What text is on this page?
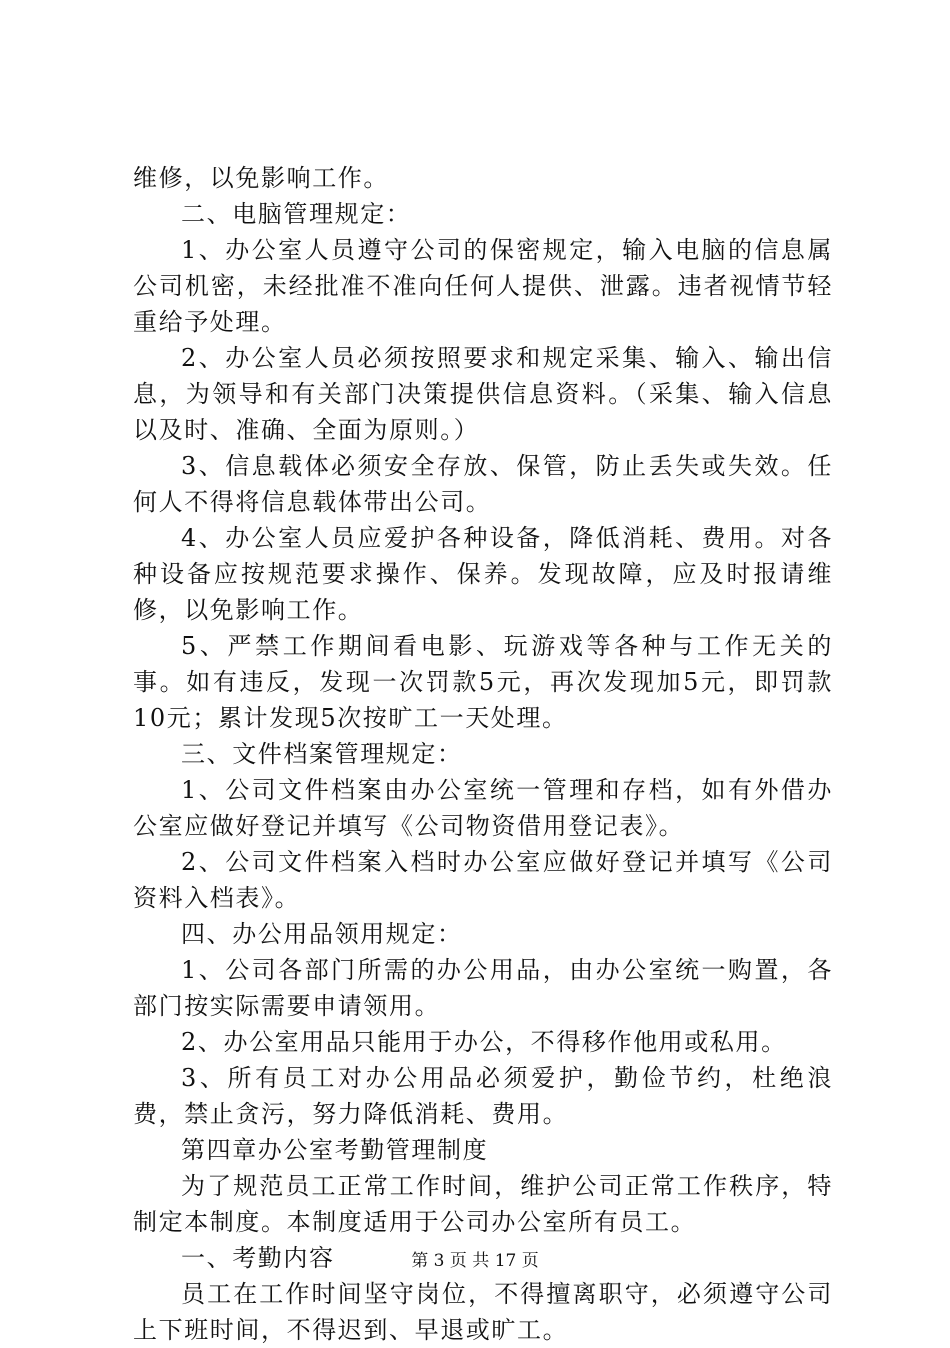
维修，以免影响工作。

二、电脑管理规定：

1、办公室人员遵守公司的保密规定，输入电脑的信息属公司机密，未经批准不准向任何人提供、泄露。违者视情节轻重给予处理。

2、办公室人员必须按照要求和规定采集、输入、输出信息，为领导和有关部门决策提供信息资料。（采集、输入信息以及时、准确、全面为原则。）

3、信息载体必须安全存放、保管，防止丢失或失效。任何人不得将信息载体带出公司。

4、办公室人员应爱护各种设备，降低消耗、费用。对各种设备应按规范要求操作、保养。发现故障，应及时报请维修，以免影响工作。

5、严禁工作期间看电影、玩游戏等各种与工作无关的事。如有违反，发现一次罚款5元，再次发现加5元，即罚款10元；累计发现5次按旷工一天处理。

三、文件档案管理规定：

1、公司文件档案由办公室统一管理和存档，如有外借办公室应做好登记并填写《公司物资借用登记表》。

2、公司文件档案入档时办公室应做好登记并填写《公司资料入档表》。

四、办公用品领用规定：

1、公司各部门所需的办公用品，由办公室统一购置，各部门按实际需要申请领用。

2、办公室用品只能用于办公，不得移作他用或私用。

3、所有员工对办公用品必须爱护，勤俭节约，杜绝浪费，禁止贪污，努力降低消耗、费用。

第四章办公室考勤管理制度

为了规范员工正常工作时间，维护公司正常工作秩序，特制定本制度。本制度适用于公司办公室所有员工。

一、考勤内容

员工在工作时间坚守岗位，不得擅离职守，必须遵守公司上下班时间，不得迟到、早退或旷工。

第 3 页 共 17 页
